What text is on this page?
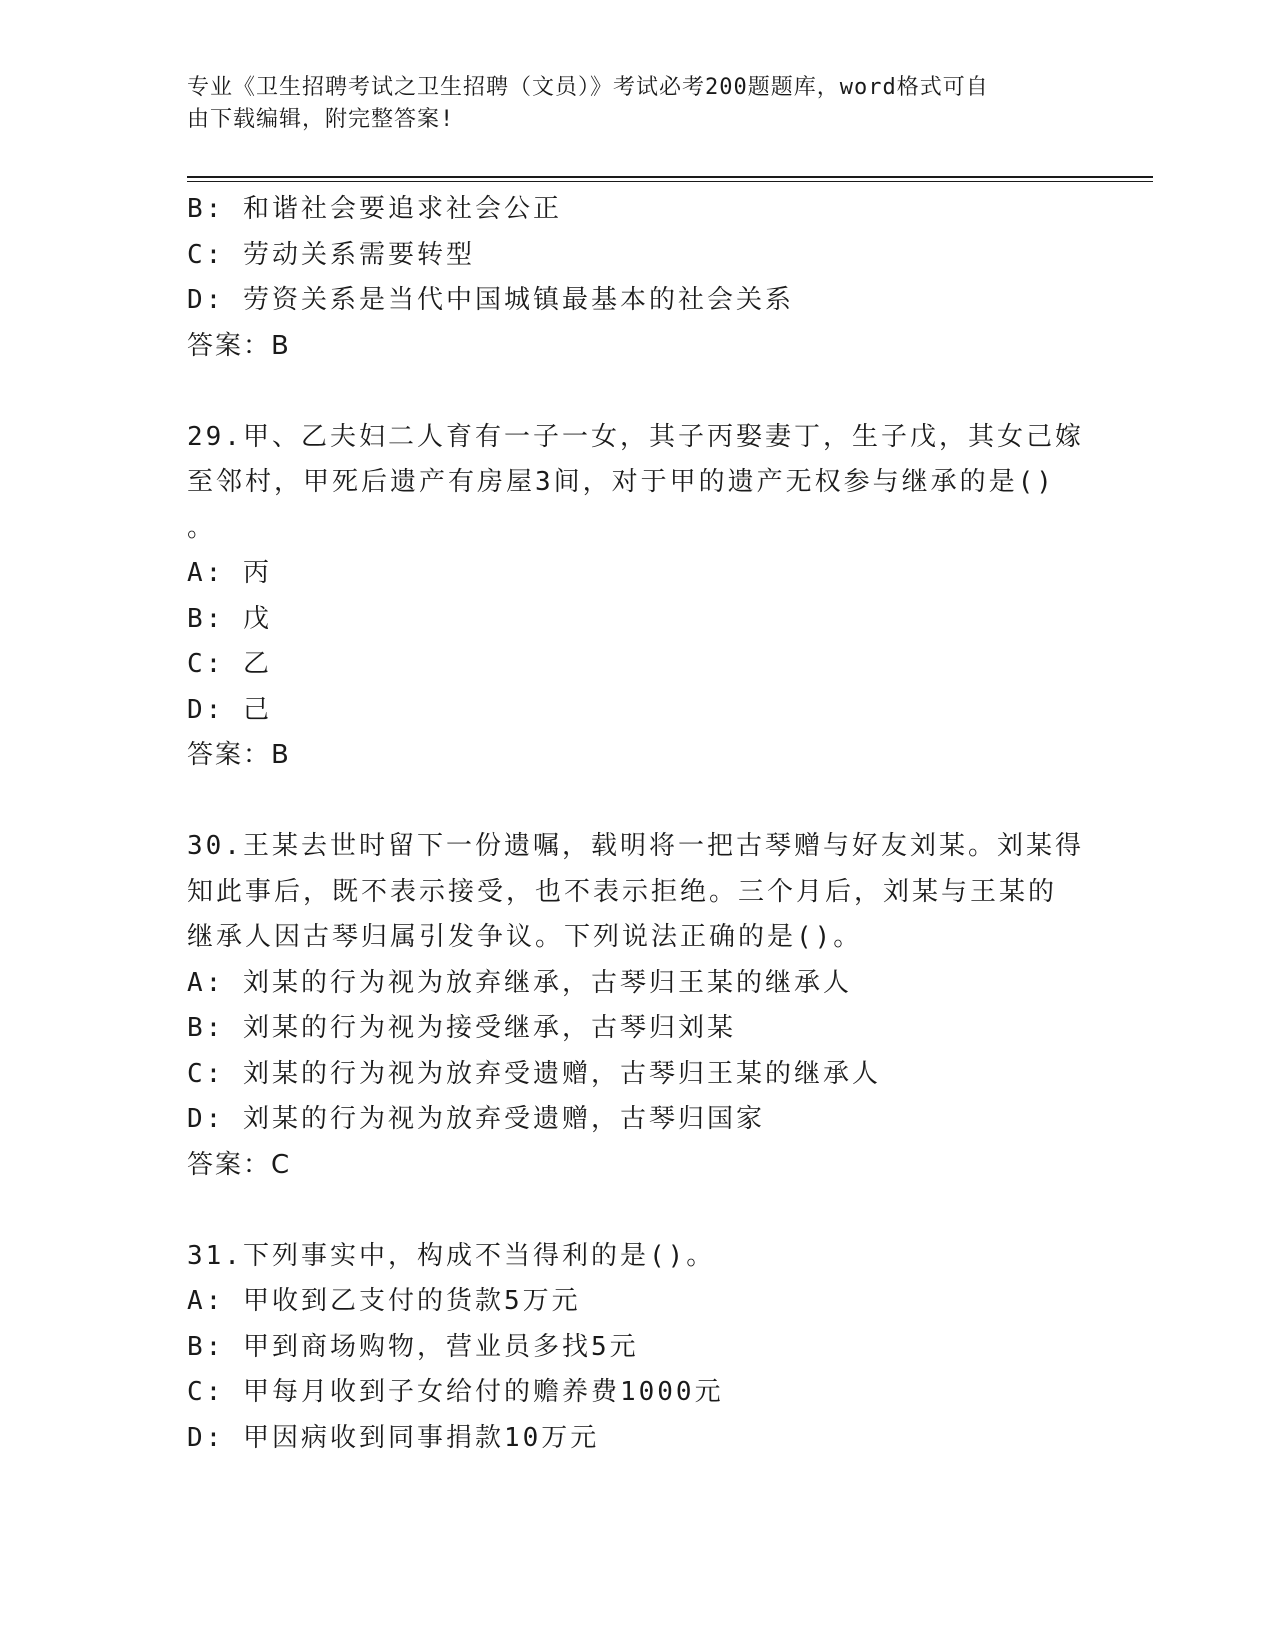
专业《卫生招聘考试之卫生招聘（文员）》考试必考200题题库，word格式可自
由下载编辑，附完整答案!
B: 和谐社会要追求社会公正
C: 劳动关系需要转型
D: 劳资关系是当代中国城镇最基本的社会关系
答案：B
29.甲、乙夫妇二人育有一子一女，其子丙娶妻丁，生子戊，其女己嫁
至邻村，甲死后遗产有房屋3间，对于甲的遗产无权参与继承的是()
。
A: 丙
B: 戊
C: 乙
D: 己
答案：B
30.王某去世时留下一份遗嘱，载明将一把古琴赠与好友刘某。刘某得
知此事后，既不表示接受，也不表示拒绝。三个月后，刘某与王某的
继承人因古琴归属引发争议。下列说法正确的是()。
A: 刘某的行为视为放弃继承，古琴归王某的继承人
B: 刘某的行为视为接受继承，古琴归刘某
C: 刘某的行为视为放弃受遗赠，古琴归王某的继承人
D: 刘某的行为视为放弃受遗赠，古琴归国家
答案：C
31.下列事实中，构成不当得利的是()。
A: 甲收到乙支付的货款5万元
B: 甲到商场购物，营业员多找5元
C: 甲每月收到子女给付的赡养费1000元
D: 甲因病收到同事捐款10万元
